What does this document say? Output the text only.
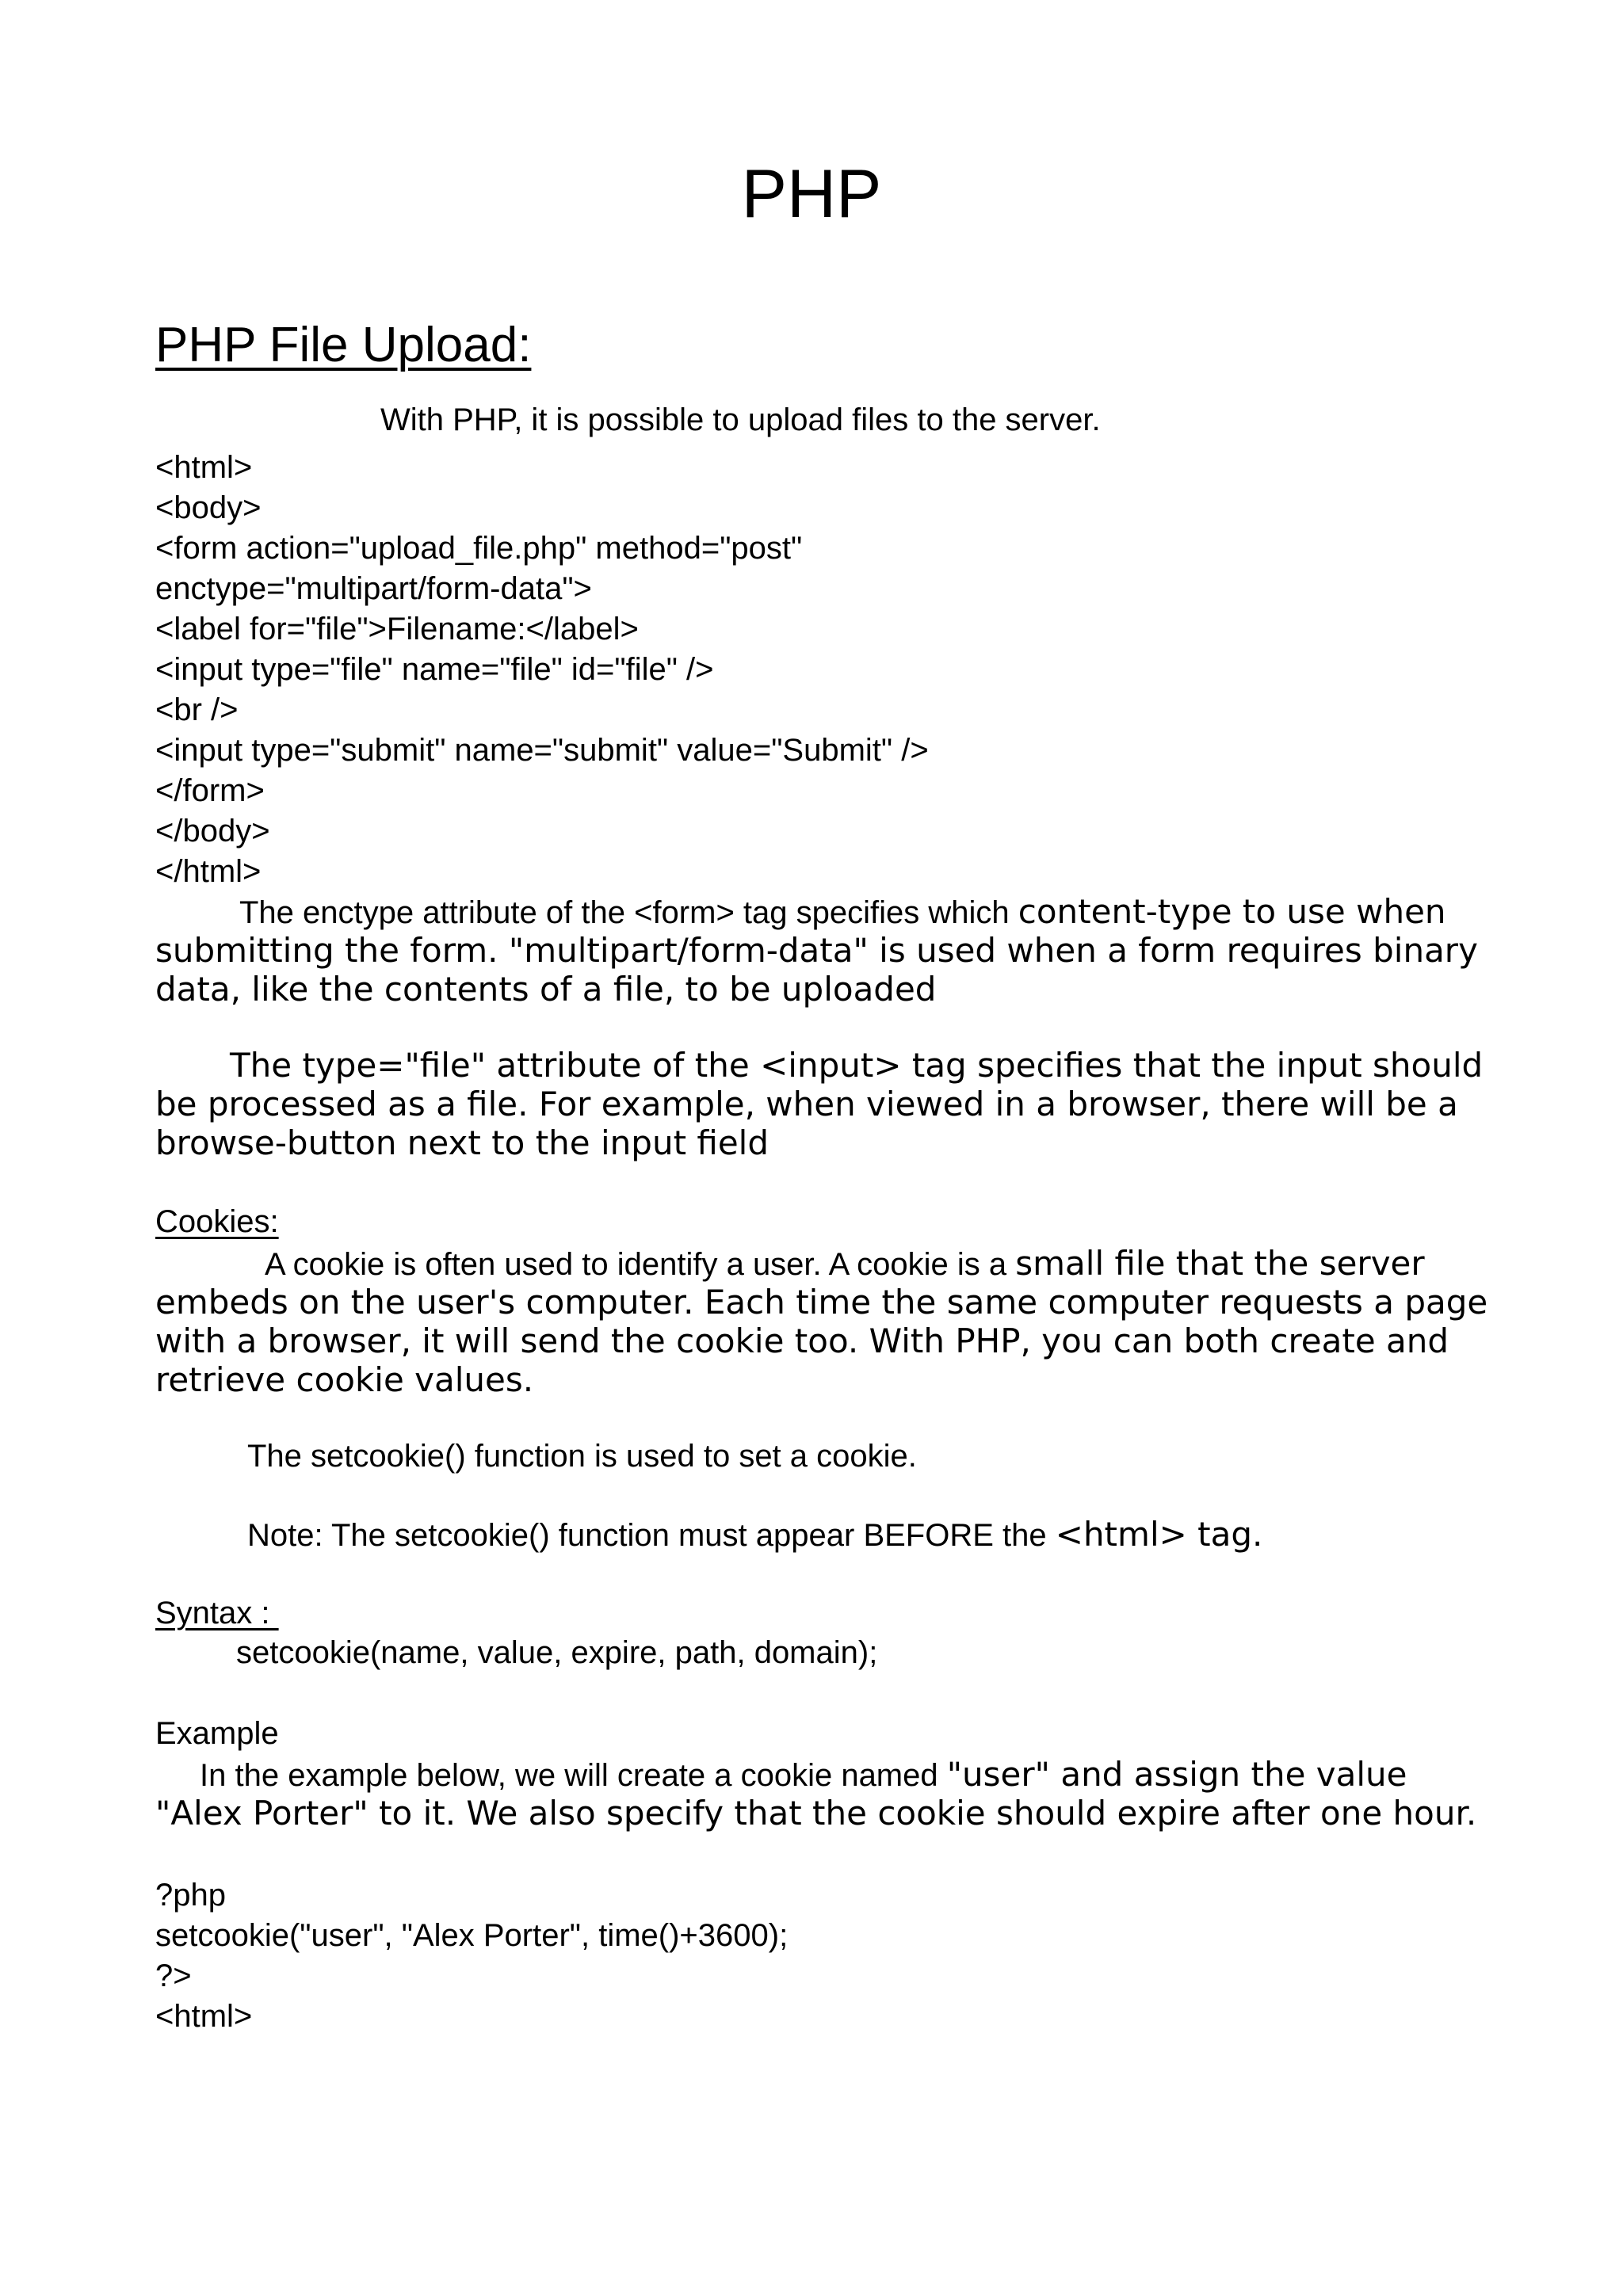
PHP
PHP File Upload:

With PHP, it is possible to upload files to the server.

<html>

<body>

<form action="upload_file.php" method="post"

enctype="multipart/form-data">

<label for="file">Filename:</label>

<input type="file" name="file" id="file" />

<br />

<input type="submit" name="submit" value="Submit" />

</form>

</body>

</html>

The enctype attribute of the <form> tag specifies which content-type to use when

submitting the form. "multipart/form-data" is used when a form requires binary

data, like the contents of a file, to be uploaded

The type="file" attribute of the <input> tag specifies that the input should

be processed as a file. For example, when viewed in a browser, there will be a

browse-button next to the input field

Cookies:

A cookie is often used to identify a user. A cookie is a small file that the server

embeds on the user's computer. Each time the same computer requests a page

with a browser, it will send the cookie too. With PHP, you can both create and

retrieve cookie values.

The setcookie() function is used to set a cookie.

Note: The setcookie() function must appear BEFORE the <html> tag.

Syntax :

setcookie(name, value, expire, path, domain);

Example

In the example below, we will create a cookie named "user" and assign the value

"Alex Porter" to it. We also specify that the cookie should expire after one hour.

?php

setcookie("user", "Alex Porter", time()+3600);

?>

<html>
